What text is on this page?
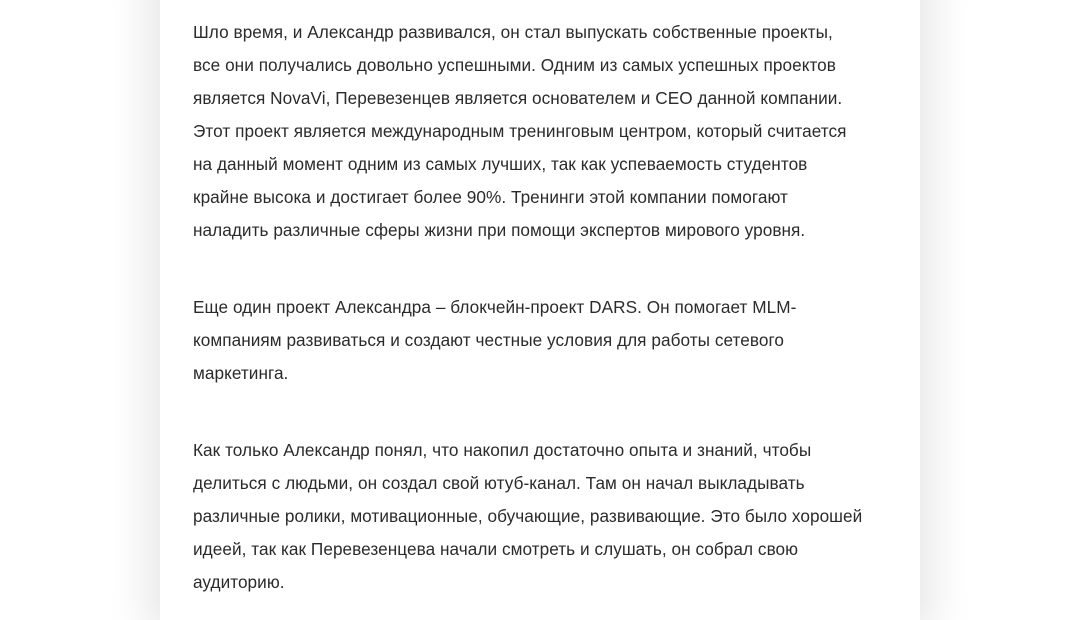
Шло время, и Александр развивался, он стал выпускать собственные проекты,
все они получались довольно успешными. Одним из самых успешных проектов
является NovaVi, Перевезенцев является основателем и CEO данной компании.
Этот проект является международным тренинговым центром, который считается
на данный момент одним из самых лучших, так как успеваемость студентов
крайне высока и достигает более 90%. Тренинги этой компании помогают
наладить различные сферы жизни при помощи экспертов мирового уровня.

Еще один проект Александра – блокчейн-проект DARS. Он помогает MLM-
компаниям развиваться и создают честные условия для работы сетевого
маркетинга.

Как только Александр понял, что накопил достаточно опыта и знаний, чтобы
делиться с людьми, он создал свой ютуб-канал. Там он начал выкладывать
различные ролики, мотивационные, обучающие, развивающие. Это было хорошей
идеей, так как Перевезенцева начали смотреть и слушать, он собрал свою
аудиторию.
